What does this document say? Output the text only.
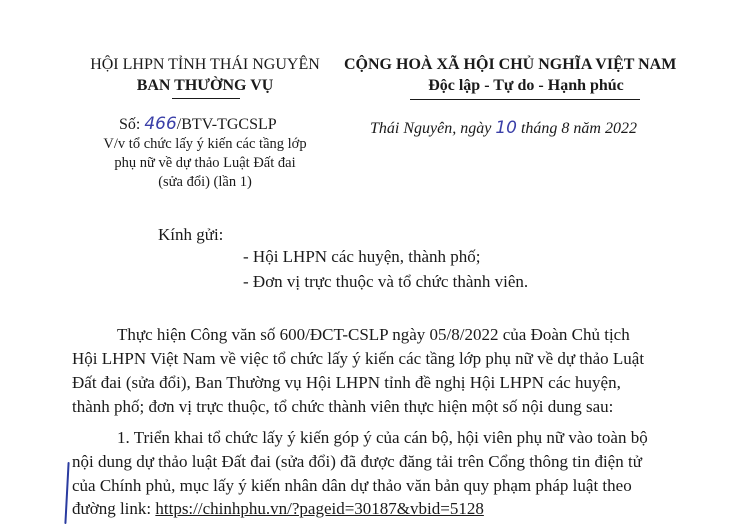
HỘI LHPN TỈNH THÁI NGUYÊN
BAN THƯỜNG VỤ
Số: 466/BTV-TGCSLP
V/v tổ chức lấy ý kiến các tầng lớp
phụ nữ về dự thảo Luật Đất đai
(sửa đổi) (lần 1)
CỘNG HOÀ XÃ HỘI CHỦ NGHĨA VIỆT NAM
Độc lập - Tự do - Hạnh phúc
Thái Nguyên, ngày 10 tháng 8 năm 2022
Kính gửi:
- Hội LHPN các huyện, thành phố;
- Đơn vị trực thuộc và tổ chức thành viên.
Thực hiện Công văn số 600/ĐCT-CSLP ngày 05/8/2022 của Đoàn Chủ tịch
Hội LHPN Việt Nam về việc tổ chức lấy ý kiến các tầng lớp phụ nữ về dự thảo Luật
Đất đai (sửa đổi), Ban Thường vụ Hội LHPN tỉnh đề nghị Hội LHPN các huyện,
thành phố; đơn vị trực thuộc, tổ chức thành viên thực hiện một số nội dung sau:
1. Triển khai tổ chức lấy ý kiến góp ý của cán bộ, hội viên phụ nữ vào toàn bộ
nội dung dự thảo luật Đất đai (sửa đổi) đã được đăng tải trên Cổng thông tin điện tử
của Chính phủ, mục lấy ý kiến nhân dân dự thảo văn bản quy phạm pháp luật theo
đường link: https://chinhphu.vn/?pageid=30187&vbid=5128
